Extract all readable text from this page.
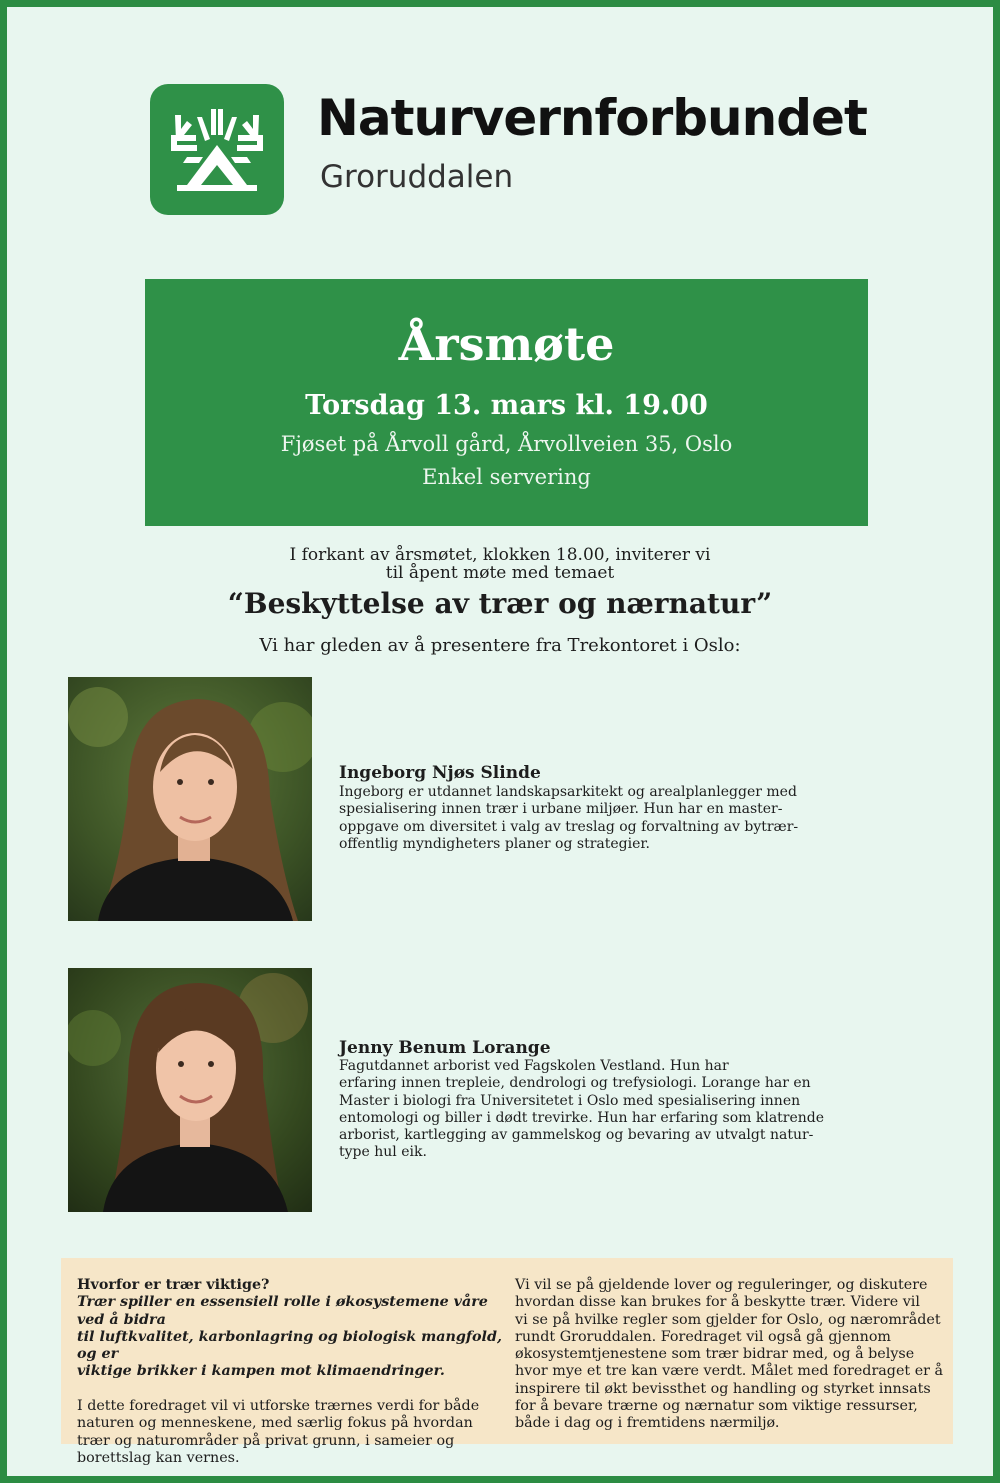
Naturvernforbundet
Groruddalen
Årsmøte
Torsdag 13. mars kl. 19.00
Fjøset på Årvoll gård, Årvollveien 35, Oslo
Enkel servering
I forkant av årsmøtet, klokken 18.00, inviterer vi
til åpent møte med temaet
“Beskyttelse av trær og nærnatur”
Vi har gleden av å presentere fra Trekontoret i Oslo:
Ingeborg Njøs Slinde

Ingeborg er utdannet landskapsarkitekt og arealplanlegger med

spesialisering innen trær i urbane miljøer. Hun har en master-

oppgave om diversitet i valg av treslag og forvaltning av bytrær-

offentlig myndigheters planer og strategier.

Jenny Benum Lorange

Fagutdannet arborist ved Fagskolen Vestland. Hun har

erfaring innen trepleie, dendrologi og trefysiologi. Lorange har en

Master i biologi fra Universitetet i Oslo med spesialisering innen

entomologi og biller i dødt trevirke. Hun har erfaring som klatrende

arborist, kartlegging av gammelskog og bevaring av utvalgt natur-

type hul eik.

Hvorfor er trær viktige?

Trær spiller en essensiell rolle i økosystemene våre ved å bidra

til luftkvalitet, karbonlagring og biologisk mangfold, og er

viktige brikker i kampen mot klimaendringer.

I dette foredraget vil vi utforske trærnes verdi for både

naturen og menneskene, med særlig fokus på hvordan

trær og naturområder på privat grunn, i sameier og

borettslag kan vernes.

Vi vil se på gjeldende lover og reguleringer, og diskutere

hvordan disse kan brukes for å beskytte trær. Videre vil

vi se på hvilke regler som gjelder for Oslo, og nærområdet

rundt Groruddalen. Foredraget vil også gå gjennom

økosystemtjenestene som trær bidrar med, og å belyse

hvor mye et tre kan være verdt. Målet med foredraget er å

inspirere til økt bevissthet og handling og styrket innsats

for å bevare trærne og nærnatur som viktige ressurser,

både i dag og i fremtidens nærmiljø.
